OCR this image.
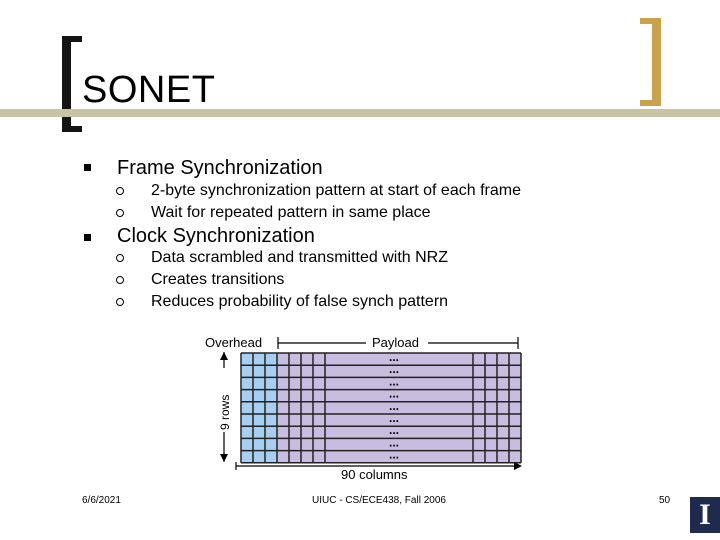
SONET
Frame Synchronization
2-byte synchronization pattern at start of each frame
Wait for repeated pattern in same place
Clock Synchronization
Data scrambled and transmitted with NRZ
Creates transitions
Reduces probability of false synch pattern
Overhead	Payload
9 rows
90 columns
...
...
...
...
...
...
...
...
...
6/6/2021	UIUC - CS/ECE438, Fall 2006	50 I
